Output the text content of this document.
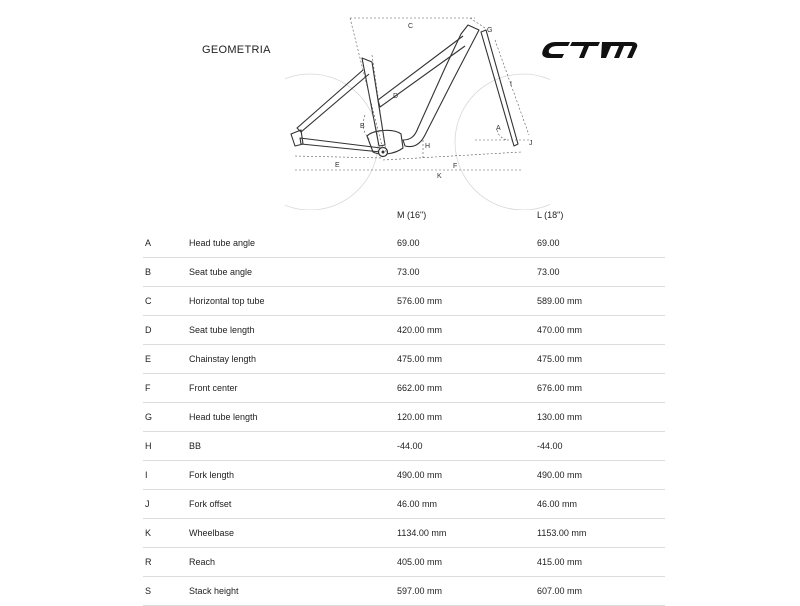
GEOMETRIA
C
G
I
D
B	A
H	J
E	F
K
M (16")	L (18")
A	Head tube angle	69.00	69.00
B	Seat tube angle	73.00	73.00
C	Horizontal top tube	576.00 mm	589.00 mm
D	Seat tube length	420.00 mm	470.00 mm
E	Chainstay length	475.00 mm	475.00 mm
F	Front center	662.00 mm	676.00 mm
G	Head tube length	120.00 mm	130.00 mm
H	BB	-44.00	-44.00
I	Fork length	490.00 mm	490.00 mm
J	Fork offset	46.00 mm	46.00 mm
K	Wheelbase	1134.00 mm	1153.00 mm
R	Reach	405.00 mm	415.00 mm
S	Stack height	597.00 mm	607.00 mm
